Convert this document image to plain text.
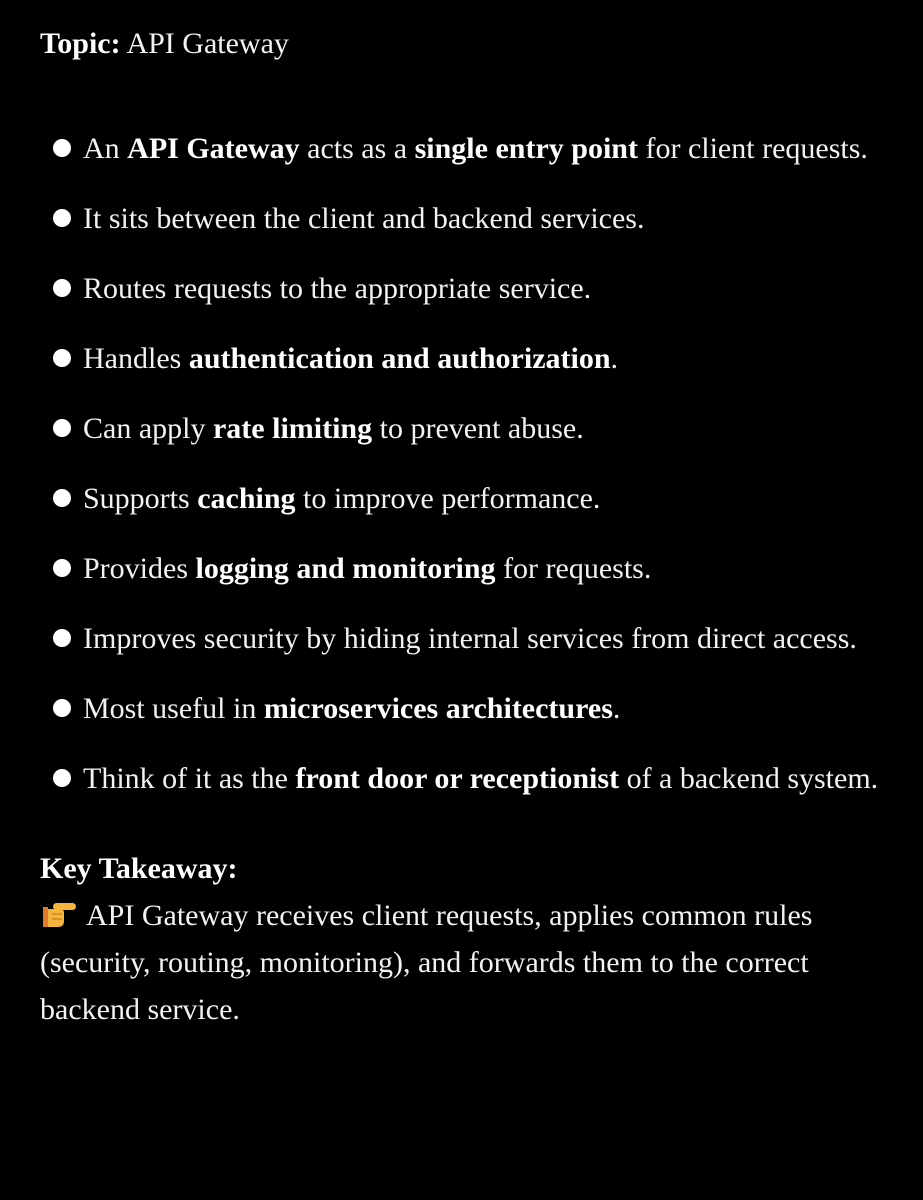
Topic: API Gateway

An API Gateway acts as a single entry point for client requests.
It sits between the client and backend services.
Routes requests to the appropriate service.
Handles authentication and authorization.
Can apply rate limiting to prevent abuse.
Supports caching to improve performance.
Provides logging and monitoring for requests.
Improves security by hiding internal services from direct access.
Most useful in microservices architectures.
Think of it as the front door or receptionist of a backend system.
Key Takeaway:
API Gateway receives client requests, applies common rules (security, routing, monitoring), and forwards them to the correct backend service.
